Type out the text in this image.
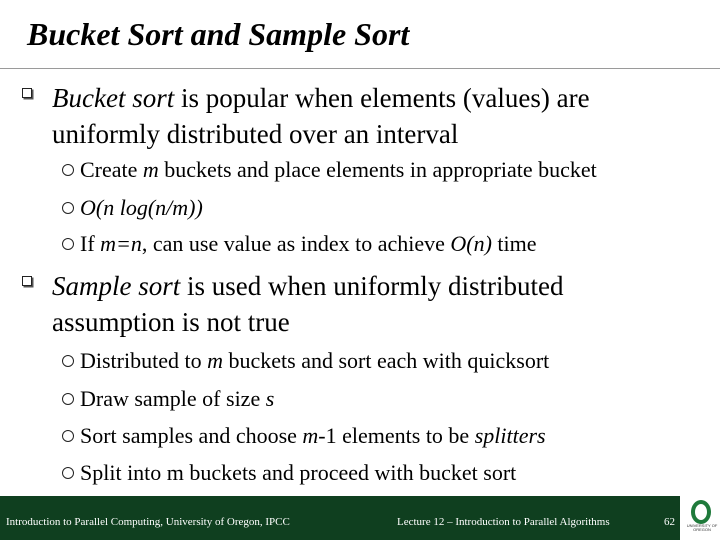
Bucket Sort and Sample Sort
Bucket sort is popular when elements (values) are uniformly distributed over an interval
Create m buckets and place elements in appropriate bucket
O(n log(n/m))
If m=n, can use value as index to achieve O(n) time
Sample sort is used when uniformly distributed assumption is not true
Distributed to m buckets and sort each with quicksort
Draw sample of size s
Sort samples and choose m-1 elements to be splitters
Split into m buckets and proceed with bucket sort
Introduction to Parallel Computing, University of Oregon, IPCC	Lecture 12 – Introduction to Parallel Algorithms	62	UNIVERSITY OF OREGON
